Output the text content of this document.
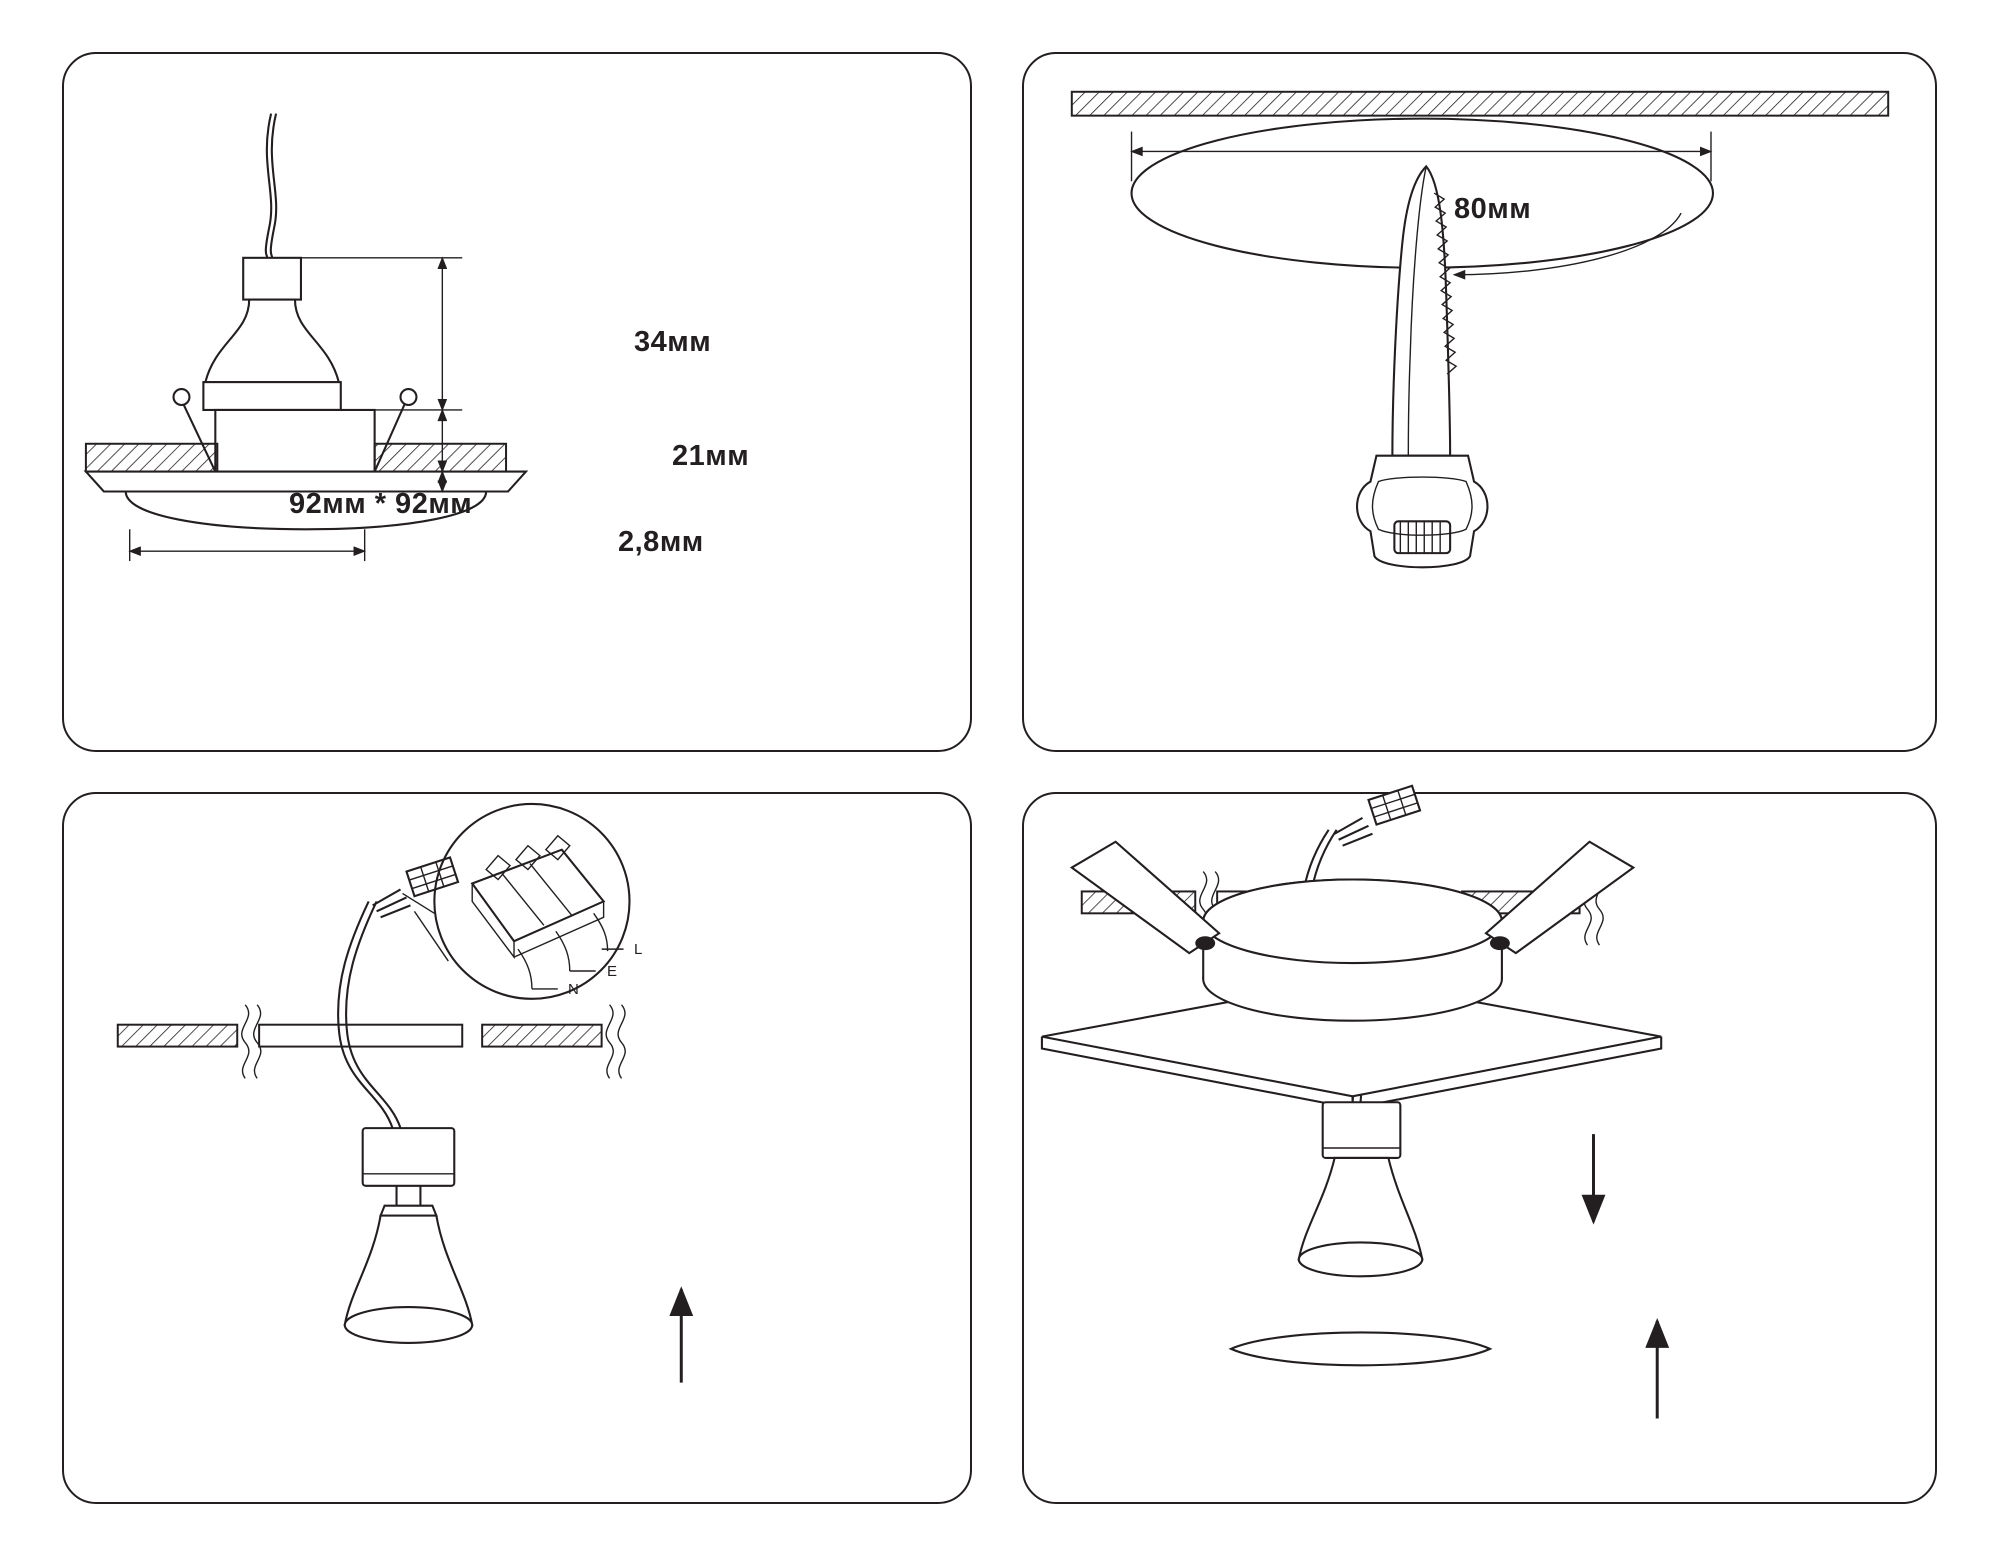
34мм
21мм
2,8мм
92мм * 92мм
80мм
L
E
N
